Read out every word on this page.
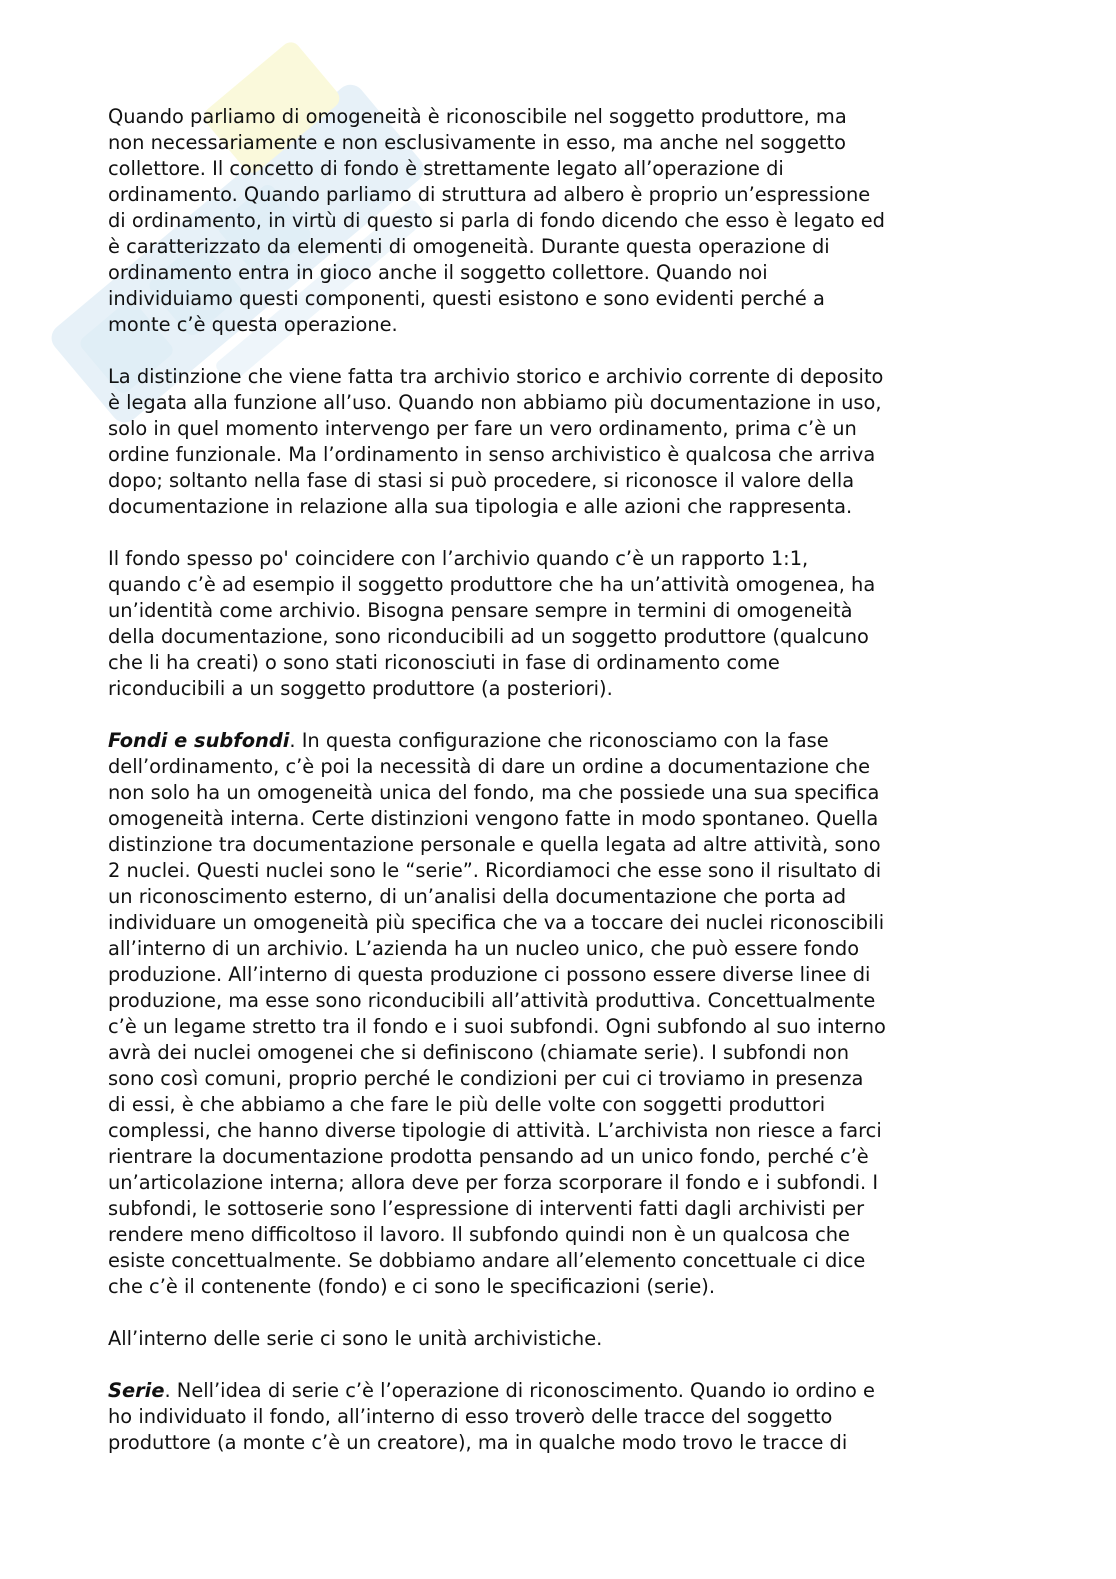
Quando parliamo di omogeneità è riconoscibile nel soggetto produttore, ma
non necessariamente e non esclusivamente in esso, ma anche nel soggetto
collettore. Il concetto di fondo è strettamente legato all’operazione di
ordinamento. Quando parliamo di struttura ad albero è proprio un’espressione
di ordinamento, in virtù di questo si parla di fondo dicendo che esso è legato ed
è caratterizzato da elementi di omogeneità. Durante questa operazione di
ordinamento entra in gioco anche il soggetto collettore. Quando noi
individuiamo questi componenti, questi esistono e sono evidenti perché a
monte c’è questa operazione.

La distinzione che viene fatta tra archivio storico e archivio corrente di deposito
è legata alla funzione all’uso. Quando non abbiamo più documentazione in uso,
solo in quel momento intervengo per fare un vero ordinamento, prima c’è un
ordine funzionale. Ma l’ordinamento in senso archivistico è qualcosa che arriva
dopo; soltanto nella fase di stasi si può procedere, si riconosce il valore della
documentazione in relazione alla sua tipologia e alle azioni che rappresenta.

Il fondo spesso po' coincidere con l’archivio quando c’è un rapporto 1:1,
quando c’è ad esempio il soggetto produttore che ha un’attività omogenea, ha
un’identità come archivio. Bisogna pensare sempre in termini di omogeneità
della documentazione, sono riconducibili ad un soggetto produttore (qualcuno
che li ha creati) o sono stati riconosciuti in fase di ordinamento come
riconducibili a un soggetto produttore (a posteriori).

Fondi e subfondi. In questa configurazione che riconosciamo con la fase
dell’ordinamento, c’è poi la necessità di dare un ordine a documentazione che
non solo ha un omogeneità unica del fondo, ma che possiede una sua specifica
omogeneità interna. Certe distinzioni vengono fatte in modo spontaneo. Quella
distinzione tra documentazione personale e quella legata ad altre attività, sono
2 nuclei. Questi nuclei sono le “serie”. Ricordiamoci che esse sono il risultato di
un riconoscimento esterno, di un’analisi della documentazione che porta ad
individuare un omogeneità più specifica che va a toccare dei nuclei riconoscibili
all’interno di un archivio. L’azienda ha un nucleo unico, che può essere fondo
produzione. All’interno di questa produzione ci possono essere diverse linee di
produzione, ma esse sono riconducibili all’attività produttiva. Concettualmente
c’è un legame stretto tra il fondo e i suoi subfondi. Ogni subfondo al suo interno
avrà dei nuclei omogenei che si definiscono (chiamate serie). I subfondi non
sono così comuni, proprio perché le condizioni per cui ci troviamo in presenza
di essi, è che abbiamo a che fare le più delle volte con soggetti produttori
complessi, che hanno diverse tipologie di attività. L’archivista non riesce a farci
rientrare la documentazione prodotta pensando ad un unico fondo, perché c’è
un’articolazione interna; allora deve per forza scorporare il fondo e i subfondi. I
subfondi, le sottoserie sono l’espressione di interventi fatti dagli archivisti per
rendere meno difficoltoso il lavoro. Il subfondo quindi non è un qualcosa che
esiste concettualmente. Se dobbiamo andare all’elemento concettuale ci dice
che c’è il contenente (fondo) e ci sono le specificazioni (serie).

All’interno delle serie ci sono le unità archivistiche.

Serie. Nell’idea di serie c’è l’operazione di riconoscimento. Quando io ordino e
ho individuato il fondo, all’interno di esso troverò delle tracce del soggetto
produttore (a monte c’è un creatore), ma in qualche modo trovo le tracce di
